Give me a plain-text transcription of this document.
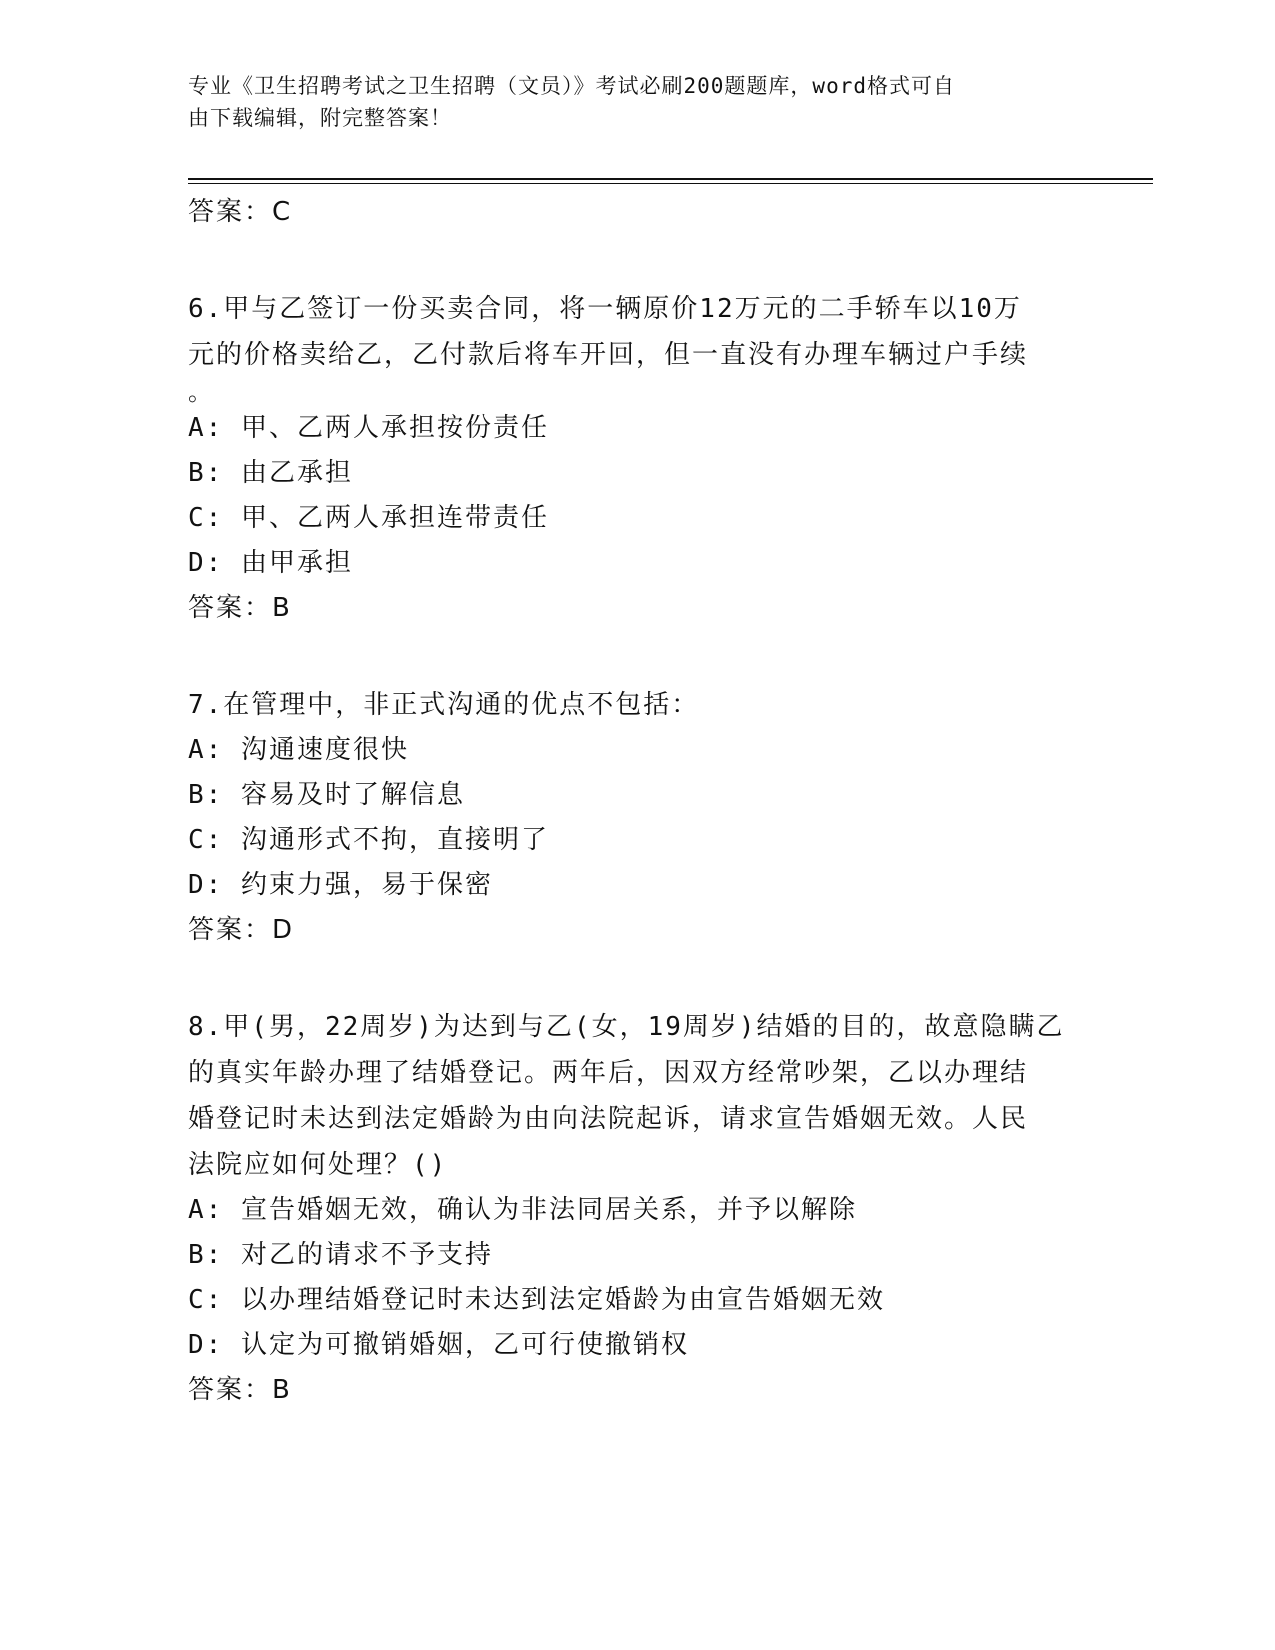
专业《卫生招聘考试之卫生招聘（文员）》考试必刷200题题库，word格式可自
由下载编辑，附完整答案！
答案：C
6.甲与乙签订一份买卖合同，将一辆原价12万元的二手轿车以10万
元的价格卖给乙，乙付款后将车开回，但一直没有办理车辆过户手续
。
A: 甲、乙两人承担按份责任
B: 由乙承担
C: 甲、乙两人承担连带责任
D: 由甲承担
答案：B
7.在管理中，非正式沟通的优点不包括：
A: 沟通速度很快
B: 容易及时了解信息
C: 沟通形式不拘，直接明了
D: 约束力强，易于保密
答案：D
8.甲(男，22周岁)为达到与乙(女，19周岁)结婚的目的，故意隐瞒乙
的真实年龄办理了结婚登记。两年后，因双方经常吵架，乙以办理结
婚登记时未达到法定婚龄为由向法院起诉，请求宣告婚姻无效。人民
法院应如何处理？()
A: 宣告婚姻无效，确认为非法同居关系，并予以解除
B: 对乙的请求不予支持
C: 以办理结婚登记时未达到法定婚龄为由宣告婚姻无效
D: 认定为可撤销婚姻，乙可行使撤销权
答案：B
